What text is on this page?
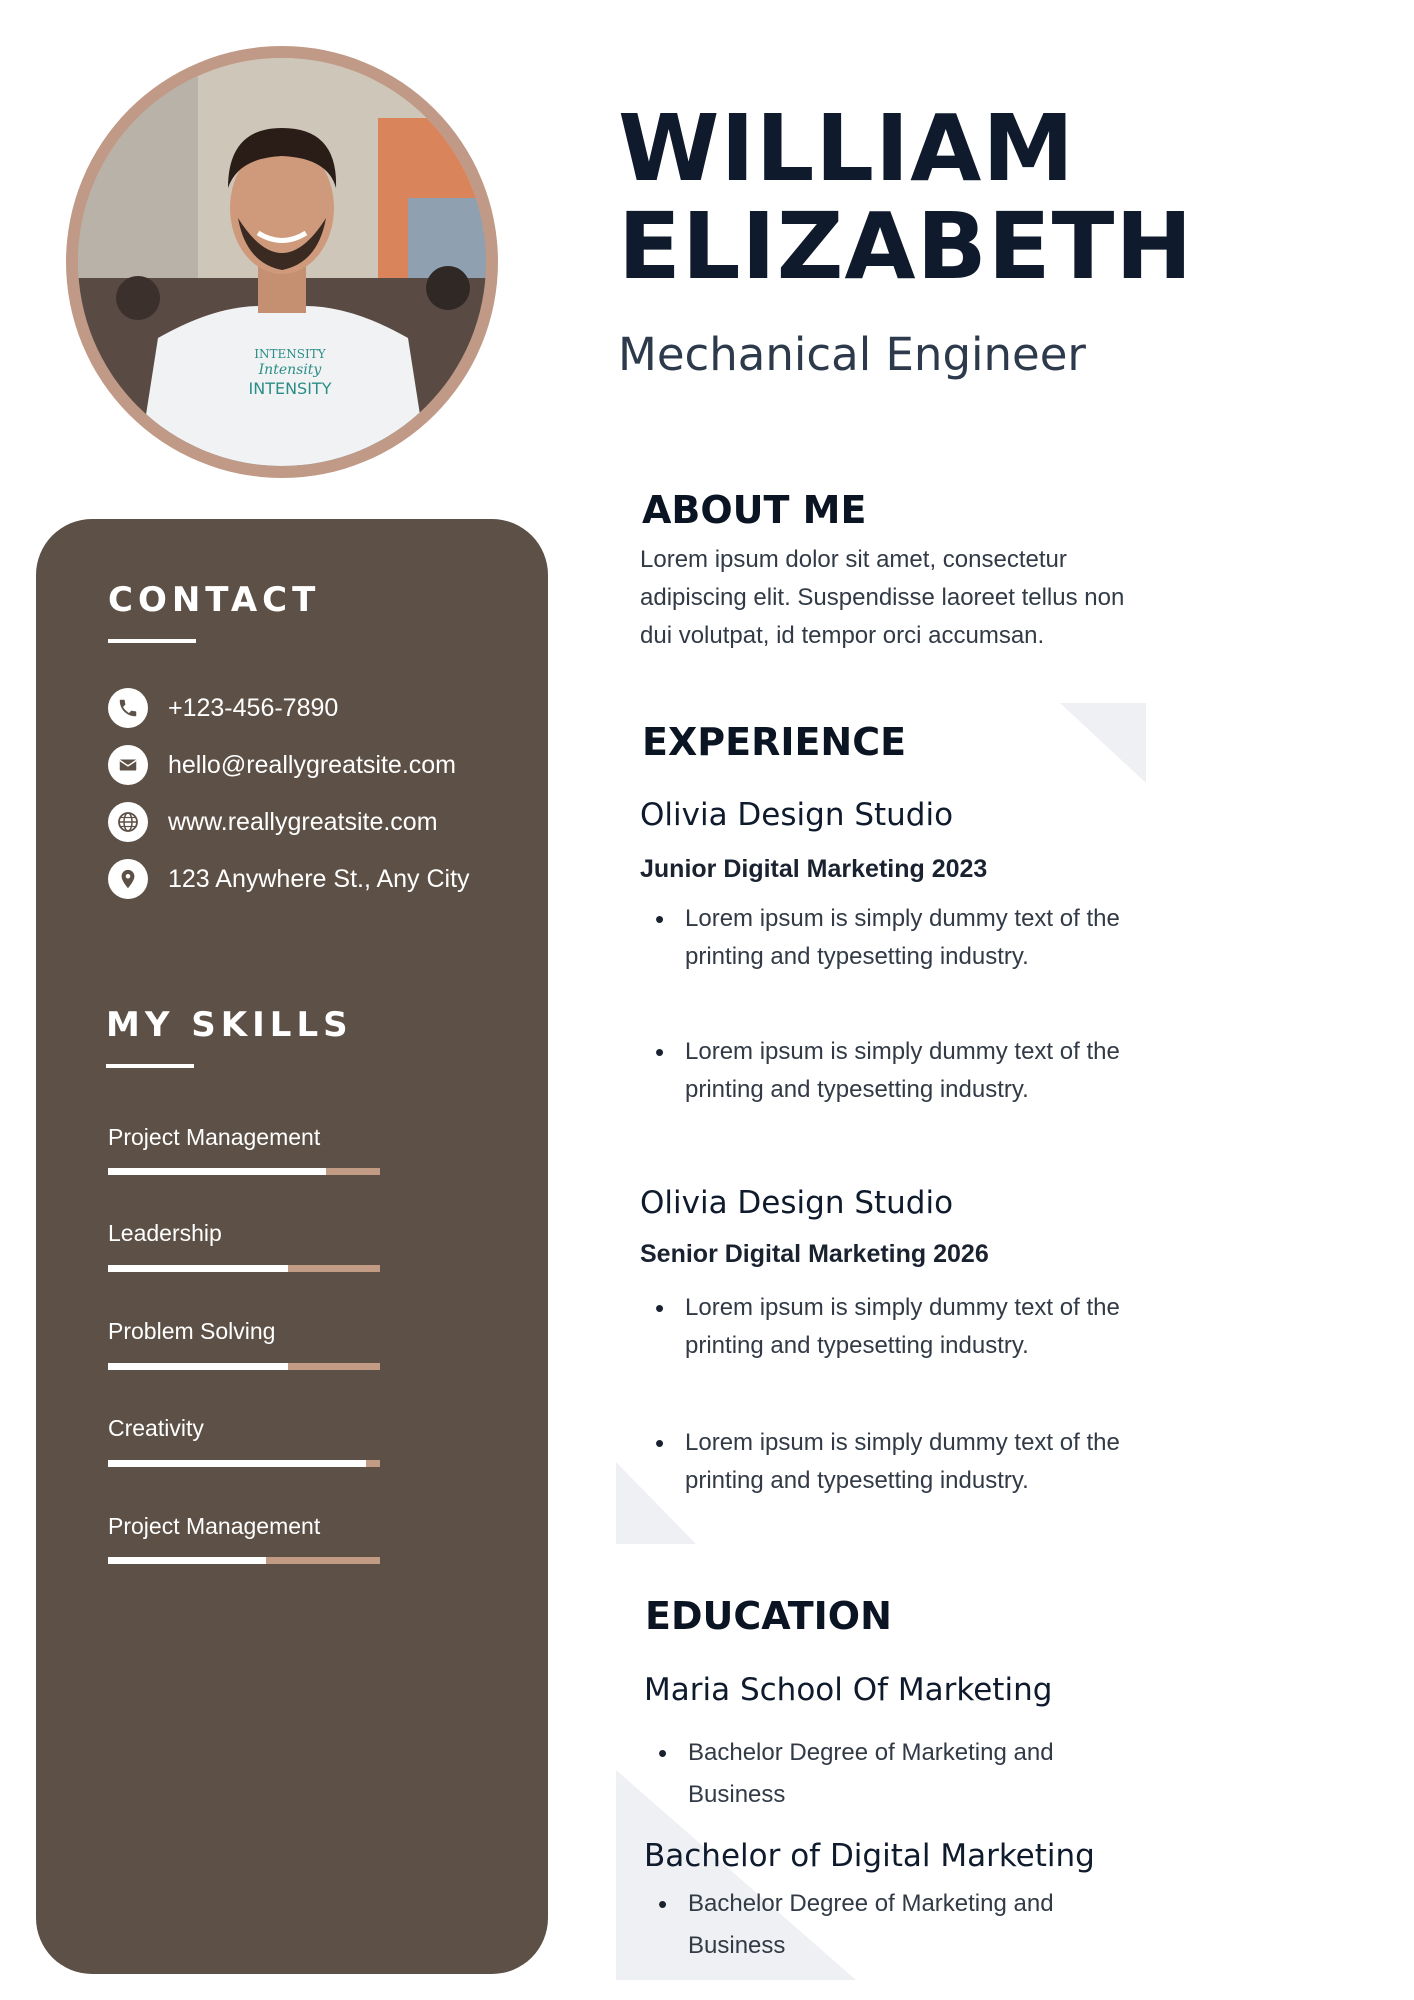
INTENSITY
Intensity
INTENSITY
WILLIAM
ELIZABETH
Mechanical Engineer
CONTACT
+123-456-7890
hello@reallygreatsite.com
www.reallygreatsite.com
123 Anywhere St., Any City
MY SKILLS
Project Management
Leadership
Problem Solving
Creativity
Project Management
ABOUT ME
Lorem ipsum dolor sit amet, consectetur adipiscing elit. Suspendisse laoreet tellus non dui volutpat, id tempor orci accumsan.
EXPERIENCE
Olivia Design Studio
Junior Digital Marketing 2023
• Lorem ipsum is simply dummy text of the printing and typesetting industry.
• Lorem ipsum is simply dummy text of the printing and typesetting industry.
Olivia Design Studio
Senior Digital Marketing 2026
• Lorem ipsum is simply dummy text of the printing and typesetting industry.
• Lorem ipsum is simply dummy text of the printing and typesetting industry.
EDUCATION
Maria School Of Marketing
• Bachelor Degree of Marketing and Business
Bachelor of Digital Marketing
• Bachelor Degree of Marketing and Business
